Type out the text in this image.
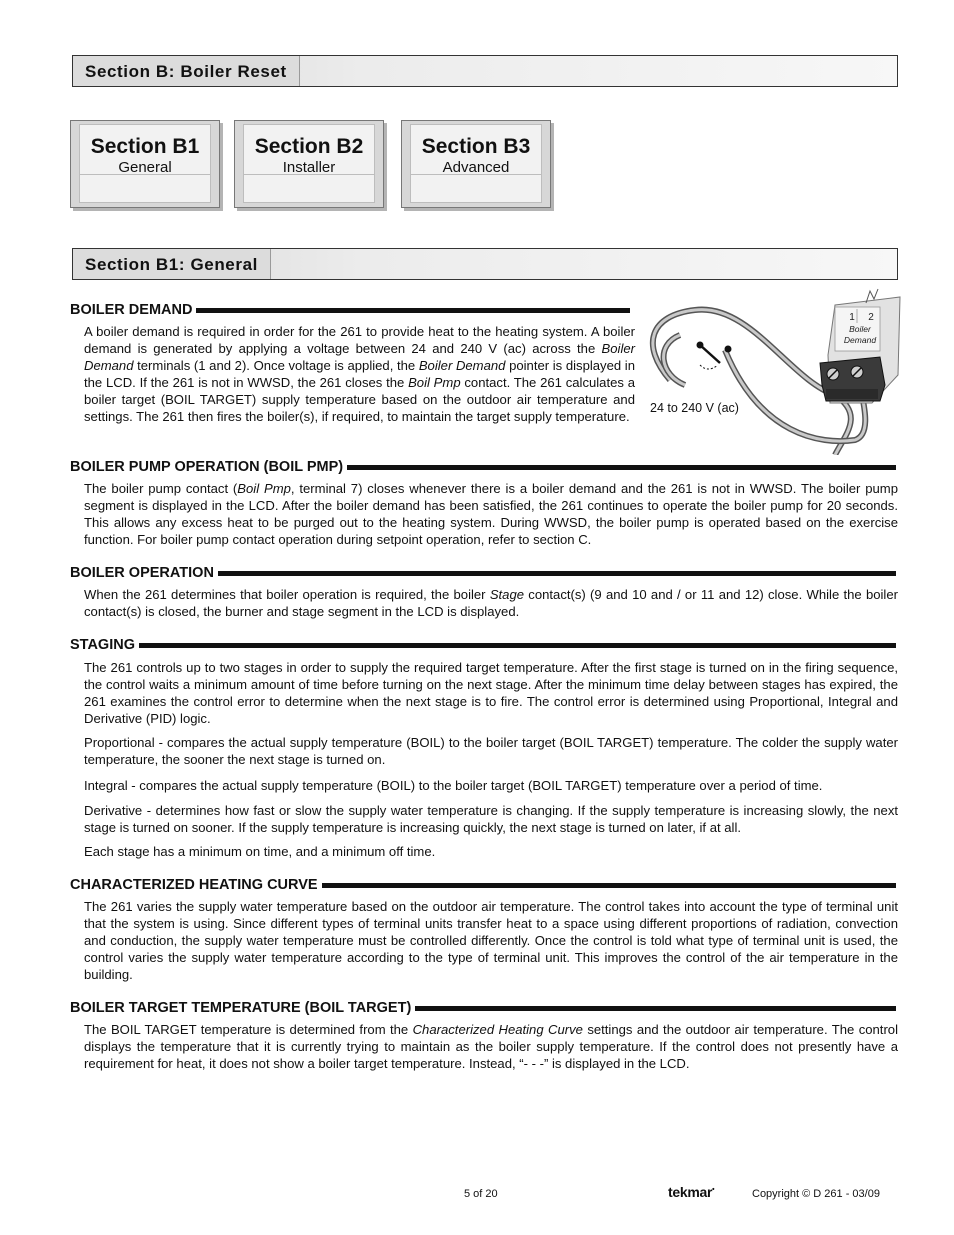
Section B: Boiler Reset
Section B1
General
Section B2
Installer
Section B3
Advanced
Section B1: General
BOILER DEMAND

A boiler demand is required in order for the 261 to provide heat to the heating system. A boiler demand is generated by applying a voltage between 24 and 240 V (ac) across the Boiler Demand terminals (1 and 2). Once voltage is applied, the Boiler Demand pointer is displayed in the LCD. If the 261 is not in WWSD, the 261 closes the Boil Pmp contact. The 261 calculates a boiler target (BOIL TARGET) supply temperature based on the outdoor air temperature and settings. The 261 then fires the boiler(s), if required, to maintain the target supply temperature.

1 2
Boiler
Demand
24 to 240 V (ac)
BOILER PUMP OPERATION (BOIL PMP)

The boiler pump contact (Boil Pmp, terminal 7) closes whenever there is a boiler demand and the 261 is not in WWSD. The boiler pump segment is displayed in the LCD. After the boiler demand has been satisfied, the 261 continues to operate the boiler pump for 20 seconds. This allows any excess heat to be purged out to the heating system. During WWSD, the boiler pump is operated based on the exercise function. For boiler pump contact operation during setpoint operation, refer to section C.

BOILER OPERATION

When the 261 determines that boiler operation is required, the boiler Stage contact(s) (9 and 10 and / or 11 and 12) close. While the boiler contact(s) is closed, the burner and stage segment in the LCD is displayed.

STAGING

The 261 controls up to two stages in order to supply the required target temperature. After the first stage is turned on in the firing sequence, the control waits a minimum amount of time before turning on the next stage. After the minimum time delay between stages has expired, the 261 examines the control error to determine when the next stage is to fire. The control error is determined using Proportional, Integral and Derivative (PID) logic.

Proportional - compares the actual supply temperature (BOIL) to the boiler target (BOIL TARGET) temperature. The colder the supply water temperature, the sooner the next stage is turned on.

Integral - compares the actual supply temperature (BOIL) to the boiler target (BOIL TARGET) temperature over a period of time.

Derivative - determines how fast or slow the supply water temperature is changing. If the supply temperature is increasing slowly, the next stage is turned on sooner. If the supply temperature is increasing quickly, the next stage is turned on later, if at all.

Each stage has a minimum on time, and a minimum off time.

CHARACTERIZED HEATING CURVE

The 261 varies the supply water temperature based on the outdoor air temperature. The control takes into account the type of terminal unit that the system is using. Since different types of terminal units transfer heat to a space using different proportions of radiation, convection and conduction, the supply water temperature must be controlled differently. Once the control is told what type of terminal unit is used, the control varies the supply water temperature according to the type of terminal unit. This improves the control of the air temperature in the building.

BOILER TARGET TEMPERATURE (BOIL TARGET)

The BOIL TARGET temperature is determined from the Characterized Heating Curve settings and the outdoor air temperature. The control displays the temperature that it is currently trying to maintain as the boiler supply temperature. If the control does not presently have a requirement for heat, it does not show a boiler target temperature. Instead, “- - -” is displayed in the LCD.

5 of 20	tekmar•	Copyright © D 261 - 03/09
